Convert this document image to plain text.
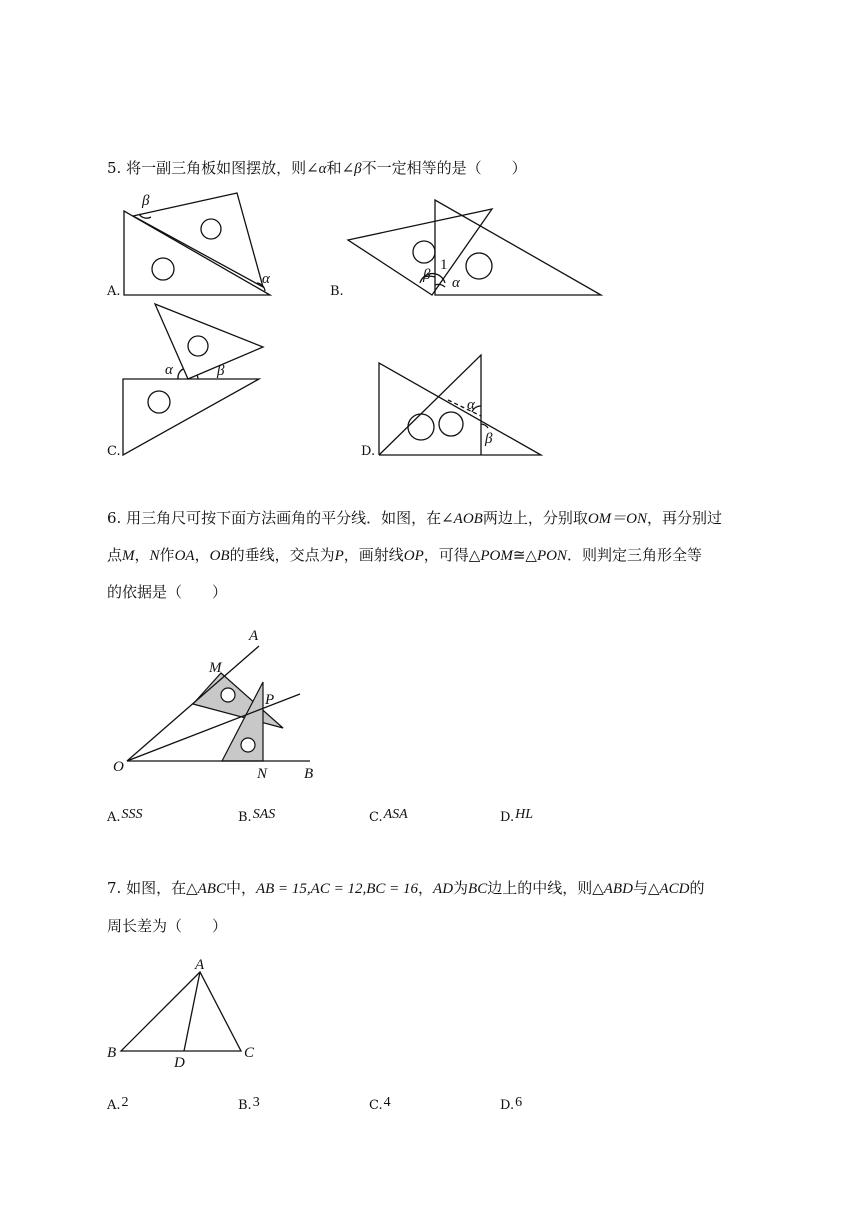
5. 将一副三角板如图摆放，则∠α和∠β不一定相等的是（　　）
β
α
A.
1
β α
B.
α	β
C.
α
β
D.
6. 用三角尺可按下面方法画角的平分线．如图，在∠AOB两边上，分别取OM＝ON，再分别过
点M，N作OA，OB的垂线，交点为P，画射线OP，可得△POM≅△PON．则判定三角形全等
的依据是（　　）
A
M
P
O	N B
A.SSS	B.SAS	C.ASA	D.HL
7. 如图，在△ABC中，AB = 15,AC = 12,BC = 16，AD为BC边上的中线，则△ABD与△ACD的
周长差为（　　）
A
B	C
D
A.2	B.3	C.4	D.6
